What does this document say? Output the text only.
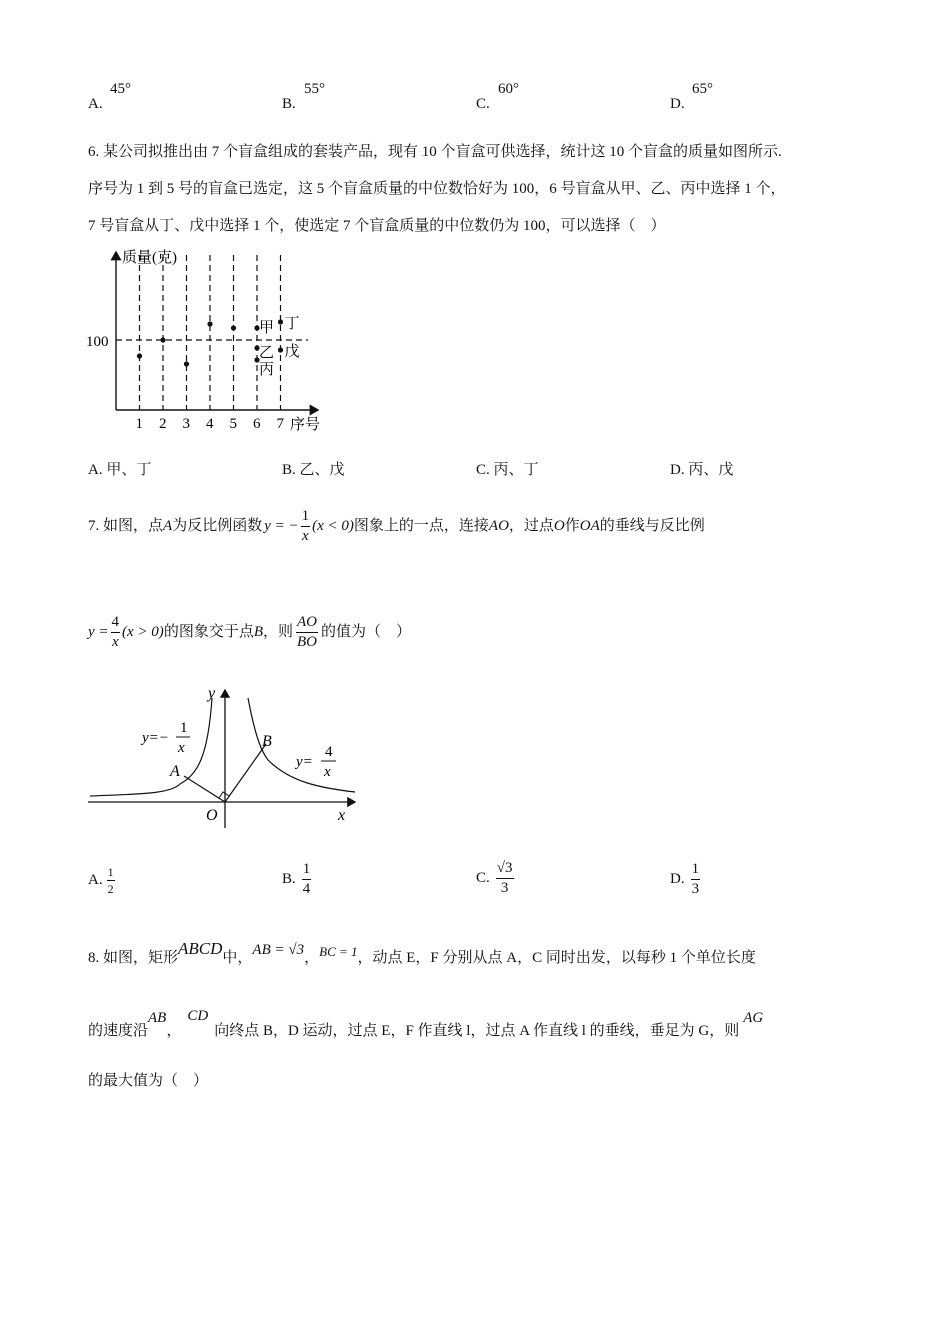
A.
45°
B.
55°
C.
60°
D.
65°
6. 某公司拟推出由 7 个盲盒组成的套装产品，现有 10 个盲盒可供选择，统计这 10 个盲盒的质量如图所示.
序号为 1 到 5 号的盲盒已选定，这 5 个盲盒质量的中位数恰好为 100，6 号盲盒从甲、乙、丙中选择 1 个，
7 号盲盒从丁、戊中选择 1 个，使选定 7 个盲盒质量的中位数仍为 100，可以选择（　）
质量(克)
100
1 2 3 4 5 6 7 序号
甲
乙
丙
丁
戊
A. 甲、丁	B. 乙、戊	C. 丙、丁	D. 丙、戊
7. 如图，点 A 为反比例函数 y = − $\frac{1}{x} (x < 0)$ 图象上的一点，连接 AO ，过点 O 作 OA 的垂线与反比例
$y = \frac{4}{x} (x > 0)$ 的图象交于点 B ，则 $\frac{AO}{BO}$ 的值为（　）
y
x
O
A
B
y=−
1
x
y=
4
x
A. $\frac{1}{2}$	B. $\frac{1}{4}$	C. $\frac{√3}{3}$	D. $\frac{1}{3}$
8. 如图，矩形ABCD中，AB = √3，BC = 1，动点 E，F 分别从点 A，C 同时出发，以每秒 1 个单位长度
的速度沿AB，CD向终点 B，D 运动，过点 E，F 作直线 l，过点 A 作直线 l 的垂线，垂足为 G，则AG
的最大值为（　）
